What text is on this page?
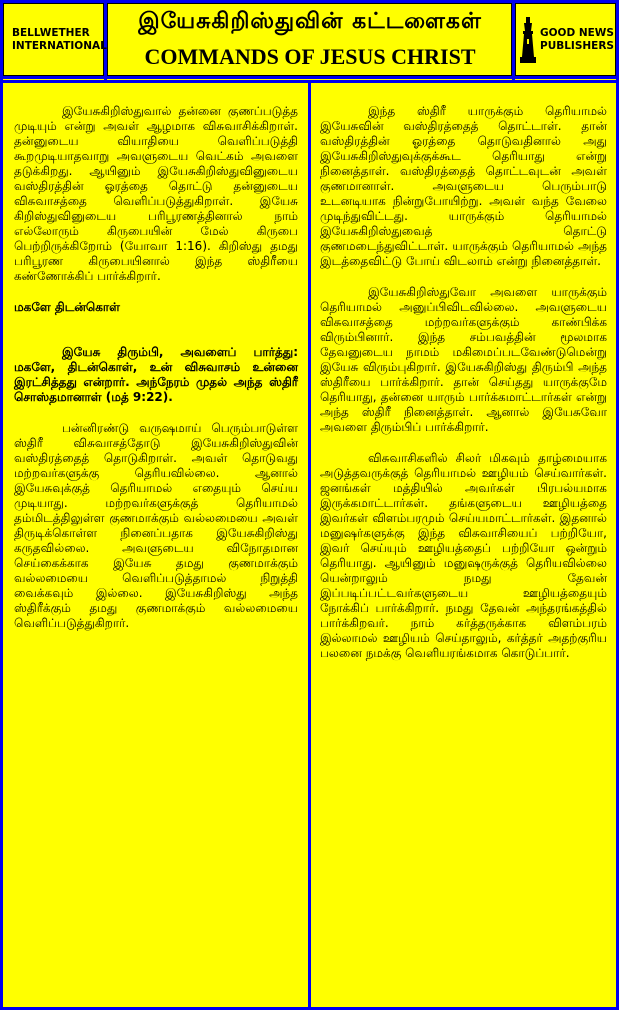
BELLWETHER
INTERNATIONAL
இயேசுகிறிஸ்துவின் கட்டளைகள்
COMMANDS OF JESUS CHRIST
GOOD NEWS
PUBLISHERS

இயேசுகிறிஸ்துவால் தன்னை குணப்படுத்த முடியும் என்று அவள் ஆழமாக விசுவாசிக்கிறாள். தன்னுடைய வியாதியை வெளிப்படுத்தி கூறமுடியாதவாறு அவளுடைய வெட்கம் அவளை தடுக்கிறது. ஆயினும் இயேசுகிறிஸ்துவினுடைய வஸ்திரத்தின் ஓரத்தை தொட்டு தன்னுடைய விசுவாசத்தை வெளிப்படுத்துகிறாள். இயேசு கிறிஸ்துவினுடைய பரிபூரணத்தினால் நாம் எல்லோரும் கிருபையின் மேல் கிருபை பெற்றிருக்கிறோம் (யோவா 1:16). கிறிஸ்து தமது பரிபூரண கிருபையினால் இந்த ஸ்திரீயை கண்ணோக்கிப் பார்க்கிறார்.

மகளே திடன்கொள்

இயேசு திரும்பி, அவளைப் பார்த்து: மகளே, திடன்கொள், உன் விசுவாசம் உன்னை இரட்சித்தது என்றார். அந்நேரம் முதல் அந்த ஸ்திரீ சொஸ்தமானாள் (மத் 9:22).

பன்னிரண்டு வருஷமாய் பெரும்பாடுள்ள ஸ்திரீ விசுவாசத்தோடு இயேசுகிறிஸ்துவின் வஸ்திரத்தைத் தொடுகிறாள். அவள் தொடுவது மற்றவர்களுக்கு தெரியவில்லை. ஆனால் இயேசுவுக்குத் தெரியாமல் எதையும் செய்ய முடியாது. மற்றவர்களுக்குத் தெரியாமல் தம்மிடத்திலுள்ள குணமாக்கும் வல்லமையை அவள் திருடிக்கொள்ள நினைப்பதாக இயேசுகிறிஸ்து கருதவில்லை. அவளுடைய விநோதமான செய்கைக்காக இயேசு தமது குணமாக்கும் வல்லமையை வெளிப்படுத்தாமல் நிறுத்தி வைக்கவும் இல்லை. இயேசுகிறிஸ்து அந்த ஸ்திரீக்கும் தமது குணமாக்கும் வல்லமையை வெளிப்படுத்துகிறார்.

இந்த ஸ்திரீ யாருக்கும் தெரியாமல் இயேசுவின் வஸ்திரத்தைத் தொட்டாள். தான் வஸ்திரத்தின் ஓரத்தை தொடுவதினால் அது இயேசுகிறிஸ்துவுக்குக்கூட தெரியாது என்று நினைத்தாள். வஸ்திரத்தைத் தொட்டவுடன் அவள் குணமானாள். அவளுடைய பெரும்பாடு உடனடியாக நின்றுபோயிற்று. அவள் வந்த வேலை முடிந்துவிட்டது. யாருக்கும் தெரியாமல் இயேசுகிறிஸ்துவைத் தொட்டு குணமடைந்துவிட்டாள். யாருக்கும் தெரியாமல் அந்த இடத்தைவிட்டு போய் விடலாம் என்று நினைத்தாள்.

இயேசுகிறிஸ்துவோ அவளை யாருக்கும் தெரியாமல் அனுப்பிவிடவில்லை. அவளுடைய விசுவாசத்தை மற்றவர்களுக்கும் காண்பிக்க விரும்பினார். இந்த சம்பவத்தின் மூலமாக தேவனுடைய நாமம் மகிமைப்படவேண்டுமென்று இயேசு விரும்புகிறார். இயேசுகிறிஸ்து திரும்பி அந்த ஸ்திரீயை பார்க்கிறார். தான் செய்தது யாருக்குமே தெரியாது, தன்னை யாரும் பார்க்கமாட்டார்கள் என்று அந்த ஸ்திரீ நினைத்தாள். ஆனால் இயேசுவோ அவளை திரும்பிப் பார்க்கிறார்.

விசுவாசிகளில் சிலர் மிகவும் தாழ்மையாக அடுத்தவருக்குத் தெரியாமல் ஊழியம் செய்வார்கள். ஜனங்கள் மத்தியில் அவர்கள் பிரபல்யமாக இருக்கமாட்டார்கள். தங்களுடைய ஊழியத்தை இவர்கள் விளம்பரமும் செய்யமாட்டார்கள். இதனால் மனுஷர்களுக்கு இந்த விசுவாசியைப் பற்றியோ, இவர் செய்யும் ஊழியத்தைப் பற்றியோ ஒன்றும் தெரியாது. ஆயினும் மனுஷருக்குத் தெரியவில்லை யென்றாலும் நமது தேவன் இப்படிப்பட்டவர்களுடைய ஊழியத்தையும் நோக்கிப் பார்க்கிறார். நமது தேவன் அந்தரங்கத்தில் பார்க்கிறவர். நாம் கர்த்தருக்காக விளம்பரம் இல்லாமல் ஊழியம் செய்தாலும், கர்த்தர் அதற்குரிய பலனை நமக்கு வெளியரங்கமாக கொடுப்பார்.
